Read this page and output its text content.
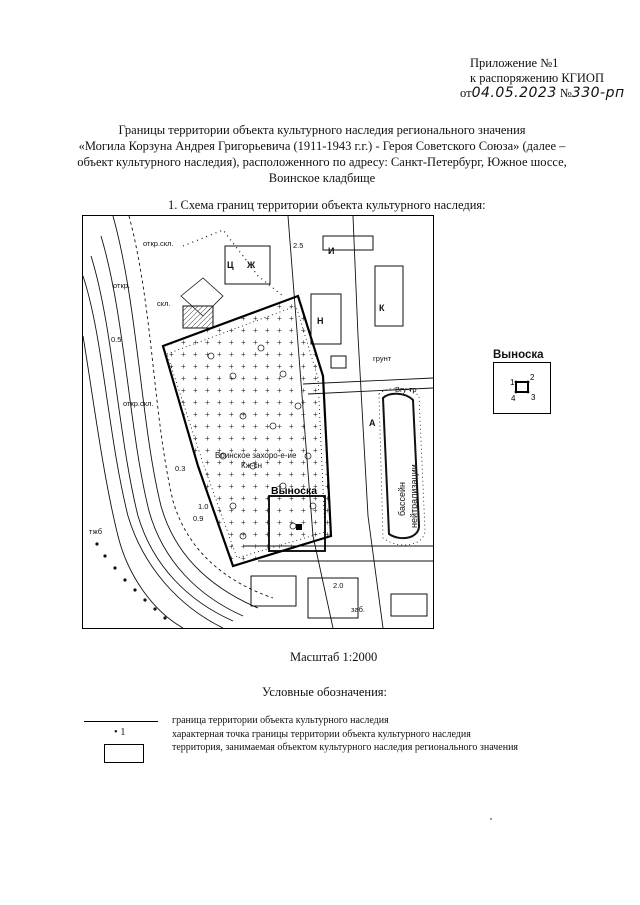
Приложение №1
к распоряжению КГИОП
от04.05.2023 №330-рп
Границы территории объекта культурного наследия регионального значения
«Могила Корзуна Андрея Григорьевича (1911-1943 г.г.) - Героя Советского Союза» (далее –
объект культурного наследия), расположенного по адресу: Санкт-Петербург, Южное шоссе,
Воинское кладбище
1. Схема границ территории объекта культурного наследия:
откр.скл.
откр.
скл.
откр.скл.
грунт
Вгу-тр
2.5
0.5
0.3
0.9
1.0
2.0
заб.
тжб
Ж
Н
А
К
И
Ц
Воинское захоро-е-ие
Кж-сн
бассейн нейтрализации
Выноска
Выноска
1
2
3
4
Масштаб 1:2000
Условные обозначения:
граница территории объекта культурного наследия
• 1	характерная точка границы территории объекта культурного наследия
территория, занимаемая объектом культурного наследия регионального значения
